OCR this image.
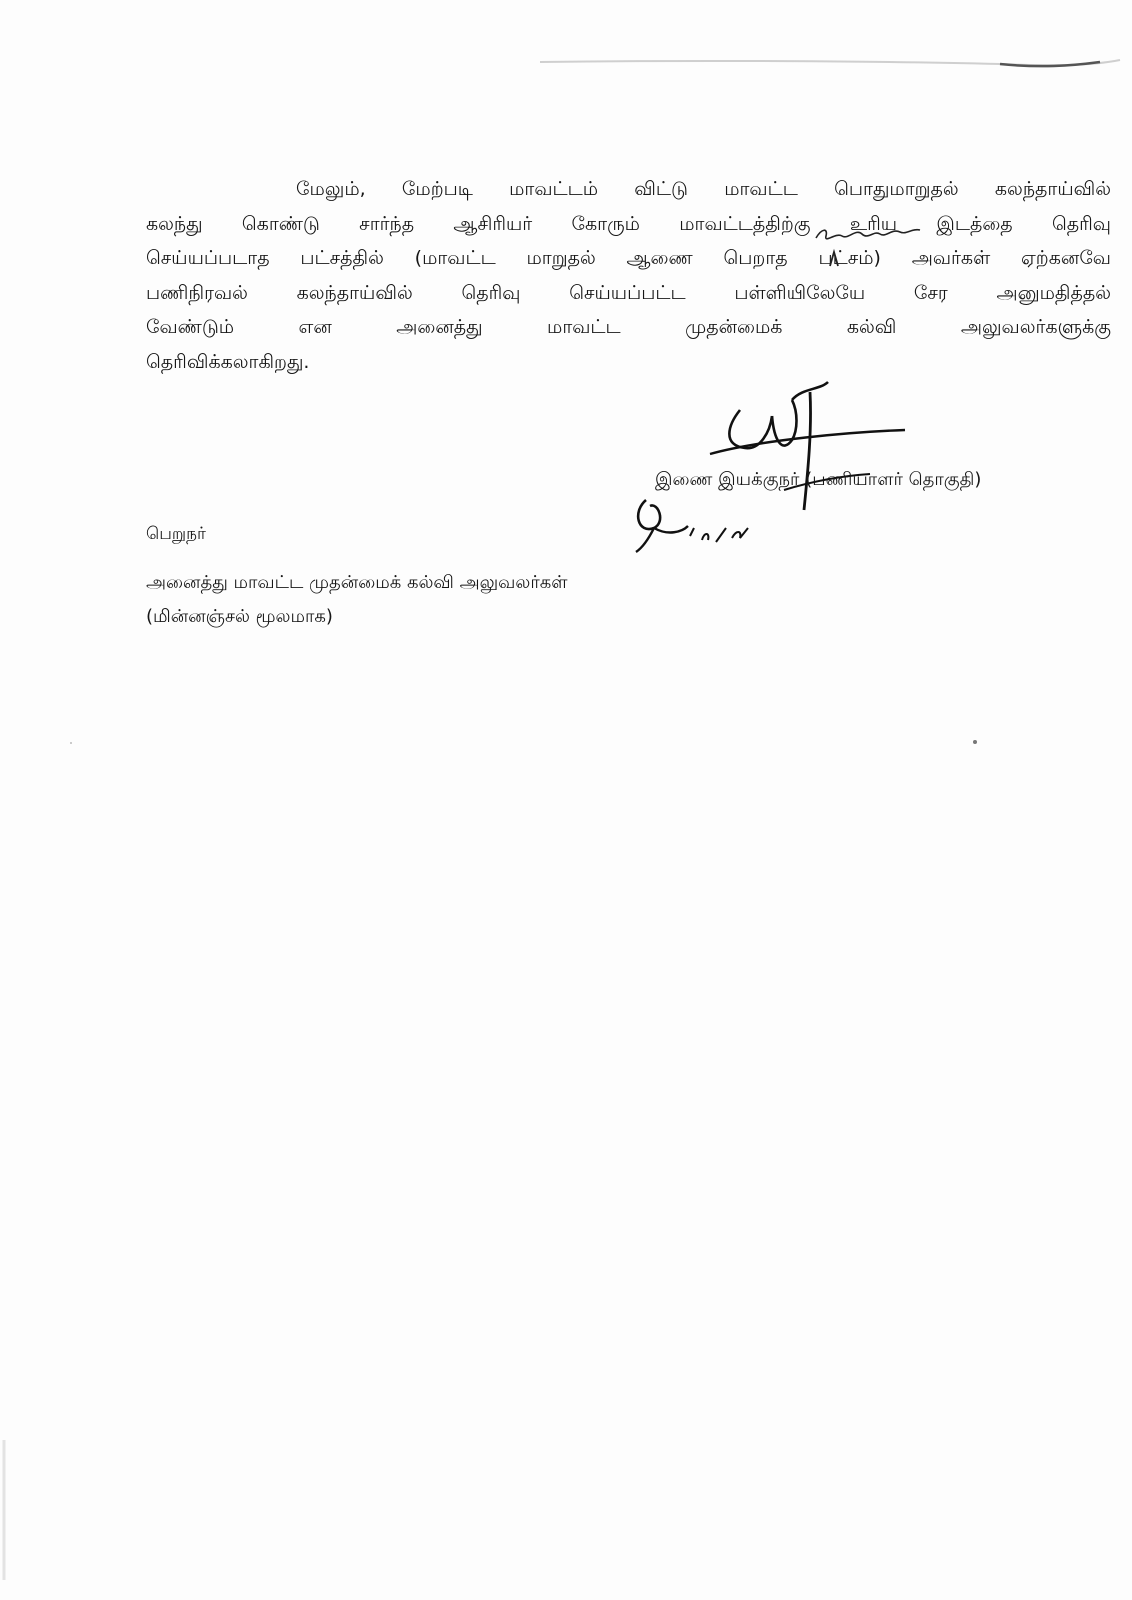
மேலும், மேற்படி மாவட்டம் விட்டு மாவட்ட பொதுமாறுதல் கலந்தாய்வில்
கலந்து கொண்டு சார்ந்த ஆசிரியர் கோரும் மாவட்டத்திற்கு உரிய இடத்தை தெரிவு
செய்யப்படாத பட்சத்தில் (மாவட்ட மாறுதல் ஆணை பெறாத பட்சம்) அவர்கள் ஏற்கனவே
பணிநிரவல் கலந்தாய்வில் தெரிவு செய்யப்பட்ட பள்ளியிலேயே சேர அனுமதித்தல்
வேண்டும் என அனைத்து மாவட்ட முதன்மைக் கல்வி அலுவலர்களுக்கு
தெரிவிக்கலாகிறது.
இணை இயக்குநர் (பணியாளர் தொகுதி)
பெறுநர்
அனைத்து மாவட்ட முதன்மைக் கல்வி அலுவலர்கள்
(மின்னஞ்சல் மூலமாக)
